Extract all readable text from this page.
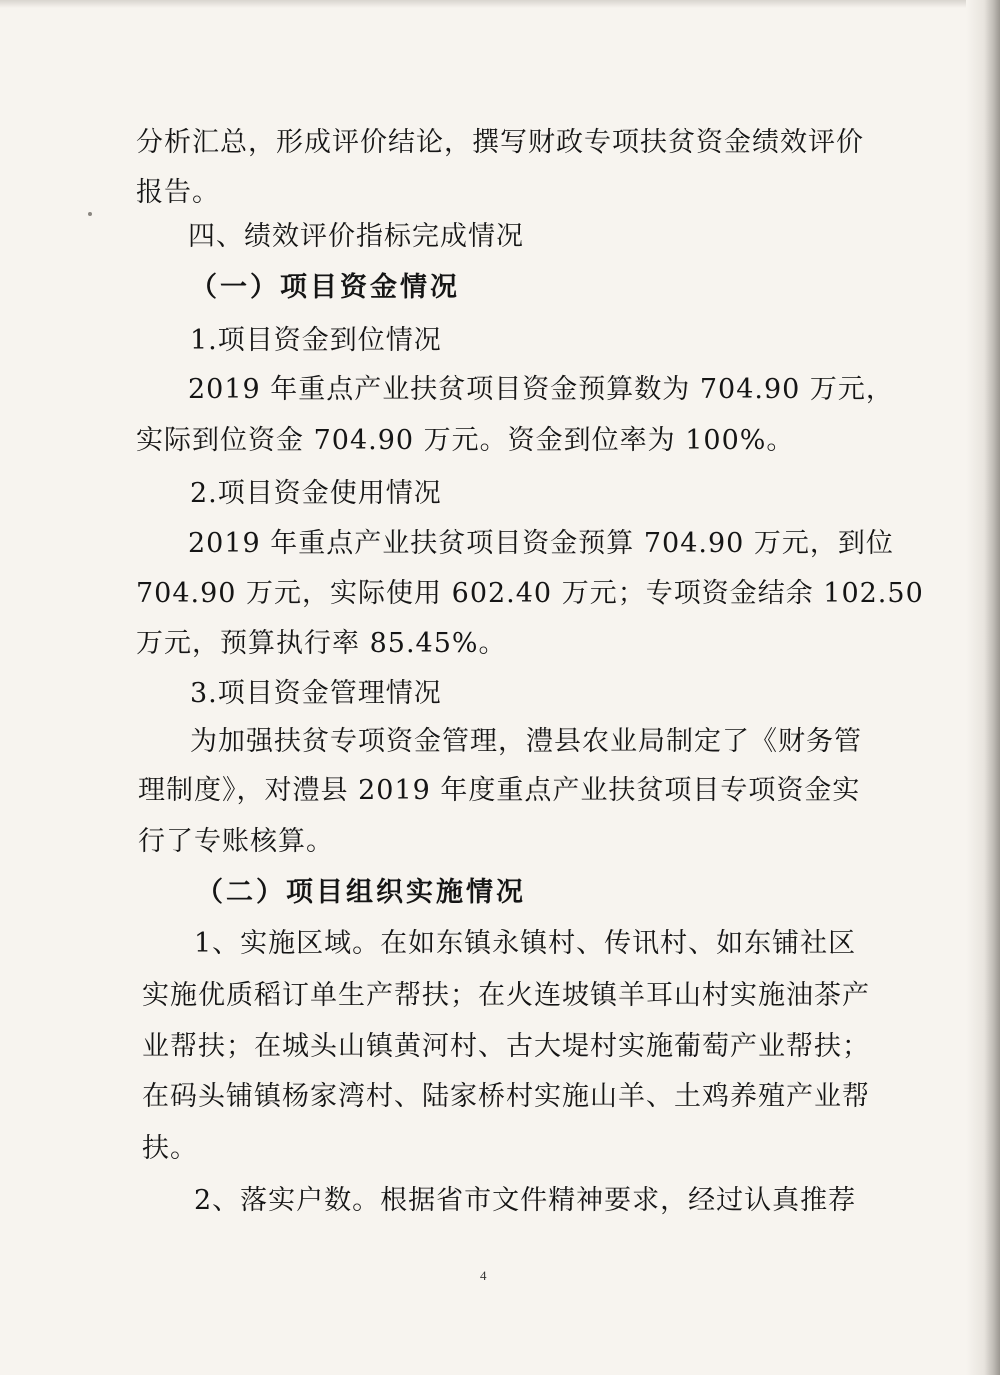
分析汇总，形成评价结论，撰写财政专项扶贫资金绩效评价

报告。

四、绩效评价指标完成情况

（一）项目资金情况

1.项目资金到位情况

2019 年重点产业扶贫项目资金预算数为 704.90 万元，

实际到位资金 704.90 万元。资金到位率为 100%。

2.项目资金使用情况

2019 年重点产业扶贫项目资金预算 704.90 万元，到位

704.90 万元，实际使用 602.40 万元；专项资金结余 102.50

万元，预算执行率 85.45%。

3.项目资金管理情况

为加强扶贫专项资金管理，澧县农业局制定了《财务管

理制度》，对澧县 2019 年度重点产业扶贫项目专项资金实

行了专账核算。

（二）项目组织实施情况

1、实施区域。在如东镇永镇村、传讯村、如东铺社区

实施优质稻订单生产帮扶；在火连坡镇羊耳山村实施油茶产

业帮扶；在城头山镇黄河村、古大堤村实施葡萄产业帮扶；

在码头铺镇杨家湾村、陆家桥村实施山羊、土鸡养殖产业帮

扶。

2、落实户数。根据省市文件精神要求，经过认真推荐

4
